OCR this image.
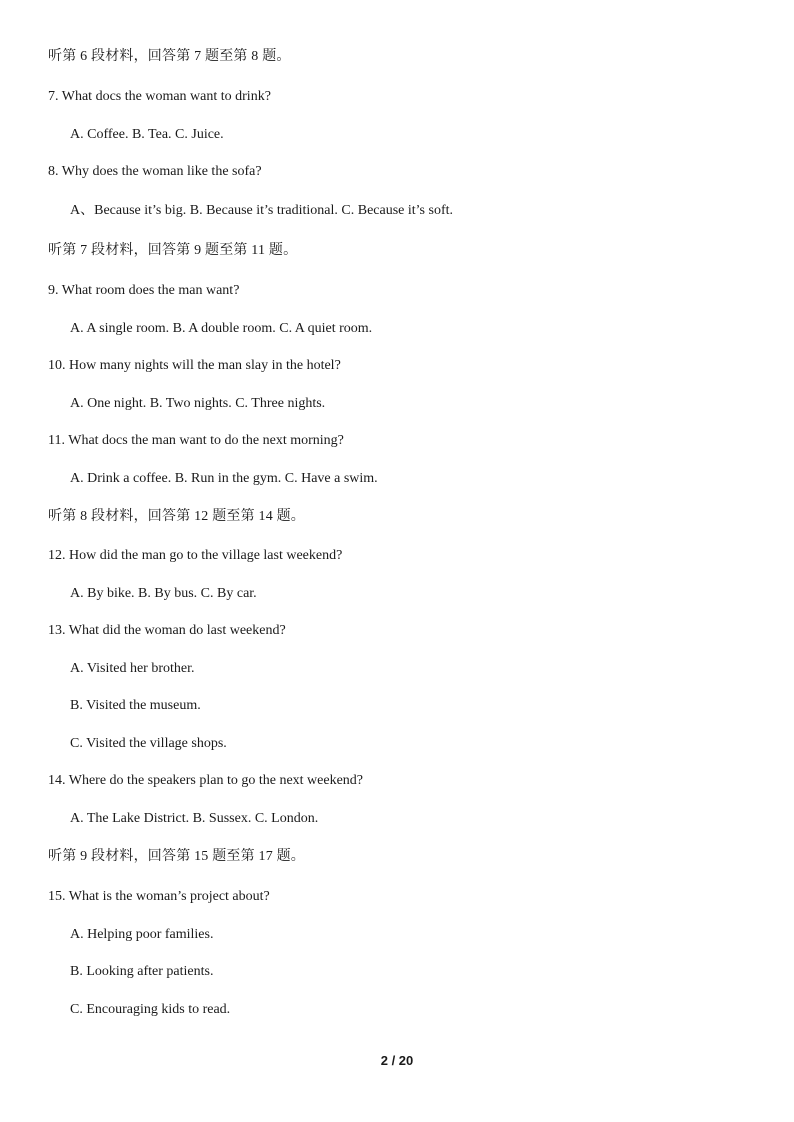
听第 6 段材料，回答第 7 题至第 8 题。
7. What docs the woman want to drink?
A. Coffee. B. Tea. C. Juice.
8. Why does the woman like the sofa?
A、Because it’s big. B. Because it’s traditional. C. Because it’s soft.
听第 7 段材料，回答第 9 题至第 11 题。
9. What room does the man want?
A. A single room. B. A double room. C. A quiet room.
10. How many nights will the man slay in the hotel?
A. One night. B. Two nights. C. Three nights.
11. What docs the man want to do the next morning?
A. Drink a coffee. B. Run in the gym. C. Have a swim.
听第 8 段材料，回答第 12 题至第 14 题。
12. How did the man go to the village last weekend?
A. By bike. B. By bus. C. By car.
13. What did the woman do last weekend?
A. Visited her brother.
B. Visited the museum.
C. Visited the village shops.
14. Where do the speakers plan to go the next weekend?
A. The Lake District. B. Sussex. C. London.
听第 9 段材料，回答第 15 题至第 17 题。
15. What is the woman’s project about?
A. Helping poor families.
B. Looking after patients.
C. Encouraging kids to read.
2 / 20
